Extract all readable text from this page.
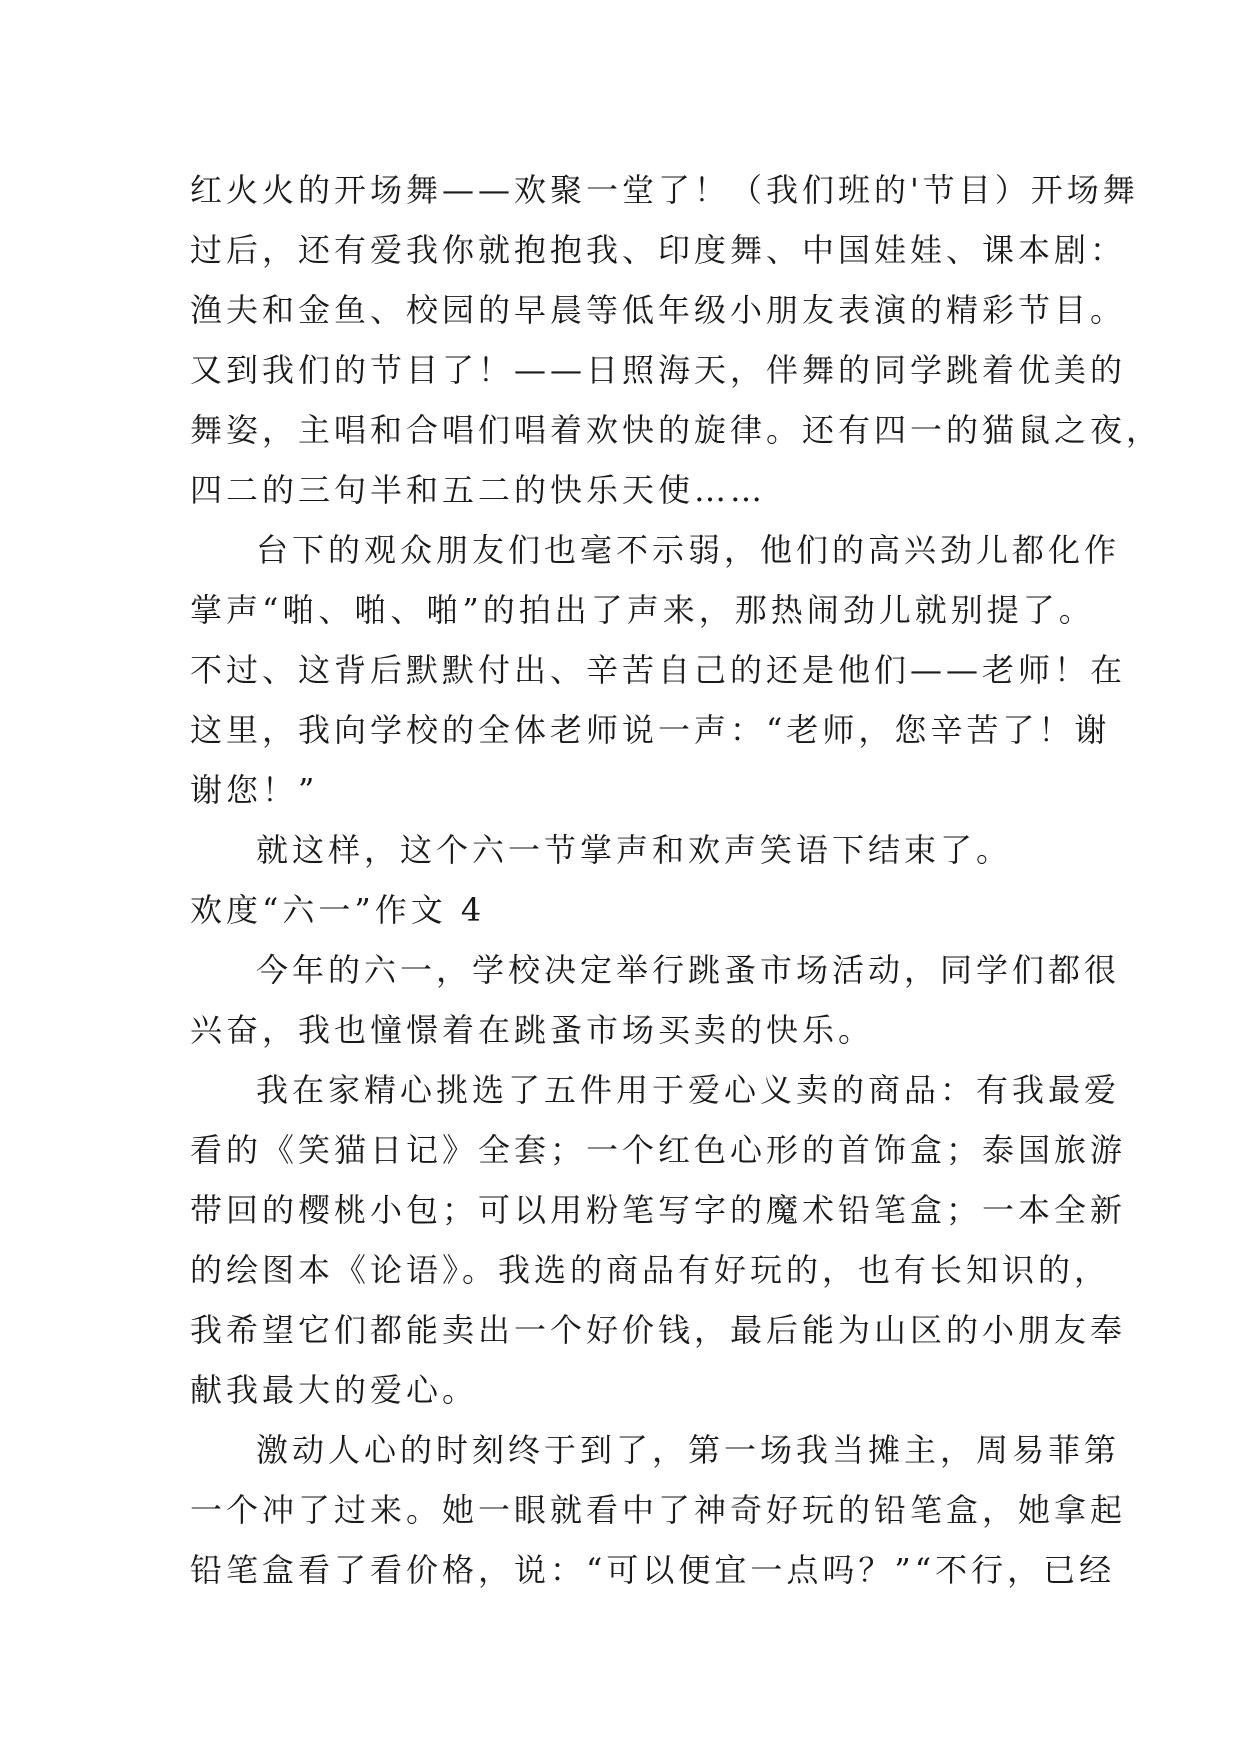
红火火的开场舞——欢聚一堂了！（我们班的'节目）开场舞
过后，还有爱我你就抱抱我、印度舞、中国娃娃、课本剧：
渔夫和金鱼、校园的早晨等低年级小朋友表演的精彩节目。
又到我们的节目了！——日照海天，伴舞的同学跳着优美的
舞姿，主唱和合唱们唱着欢快的旋律。还有四一的猫鼠之夜，
四二的三句半和五二的快乐天使……
台下的观众朋友们也毫不示弱，他们的高兴劲儿都化作
掌声“啪、啪、啪”的拍出了声来，那热闹劲儿就别提了。
不过、这背后默默付出、辛苦自己的还是他们——老师！在
这里，我向学校的全体老师说一声：“老师，您辛苦了！谢
谢您！”
就这样，这个六一节掌声和欢声笑语下结束了。
欢度“六一”作文 4
今年的六一，学校决定举行跳蚤市场活动，同学们都很
兴奋，我也憧憬着在跳蚤市场买卖的快乐。
我在家精心挑选了五件用于爱心义卖的商品：有我最爱
看的《笑猫日记》全套；一个红色心形的首饰盒；泰国旅游
带回的樱桃小包；可以用粉笔写字的魔术铅笔盒；一本全新
的绘图本《论语》。我选的商品有好玩的，也有长知识的，
我希望它们都能卖出一个好价钱，最后能为山区的小朋友奉
献我最大的爱心。
激动人心的时刻终于到了，第一场我当摊主，周易菲第
一个冲了过来。她一眼就看中了神奇好玩的铅笔盒，她拿起
铅笔盒看了看价格，说：“可以便宜一点吗？”“不行，已经
